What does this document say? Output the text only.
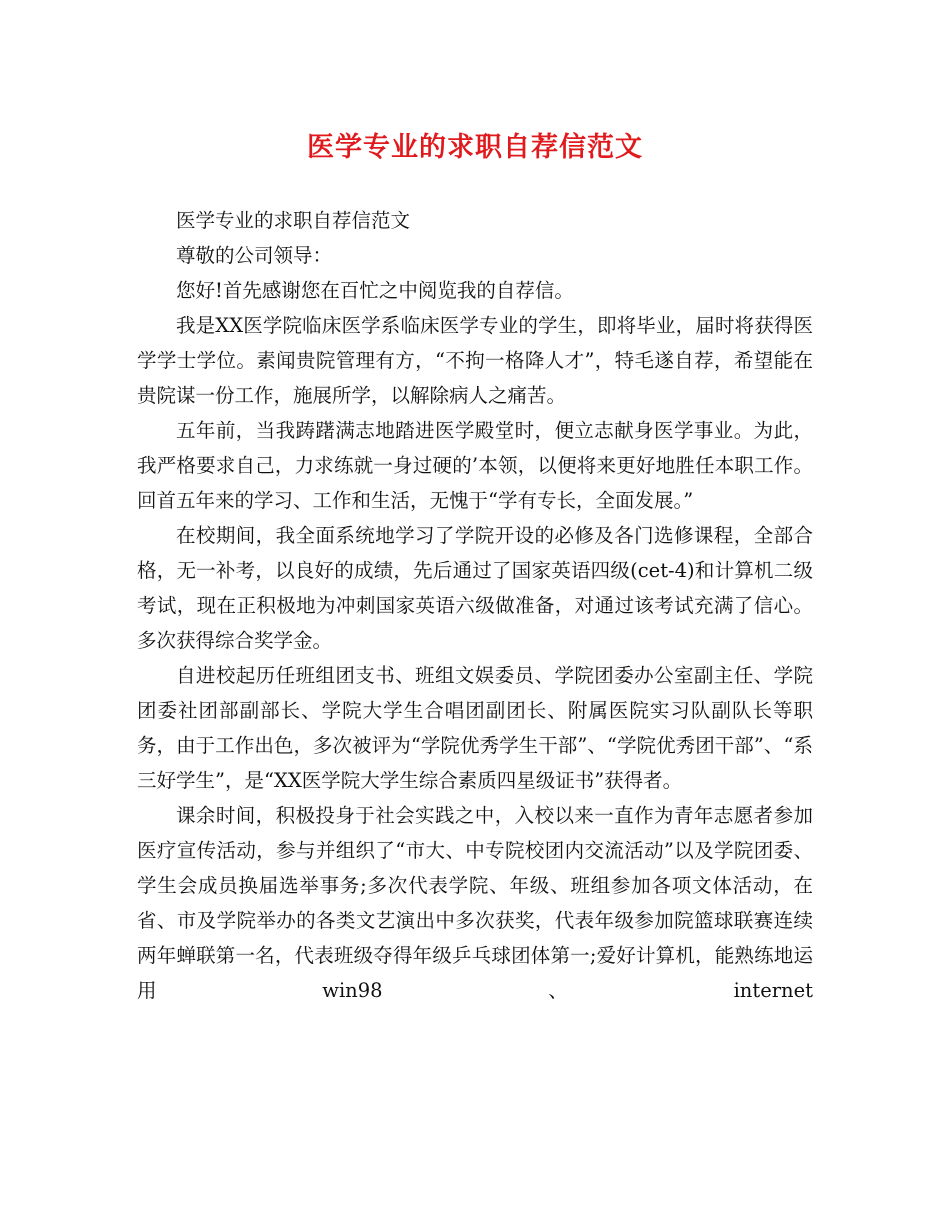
医学专业的求职自荐信范文

医学专业的求职自荐信范文

尊敬的公司领导：

您好!首先感谢您在百忙之中阅览我的自荐信。

我是XX医学院临床医学系临床医学专业的学生，即将毕业，届时将获得医学学士学位。素闻贵院管理有方，“不拘一格降人才”，特毛遂自荐，希望能在贵院谋一份工作，施展所学，以解除病人之痛苦。

五年前，当我踌躇满志地踏进医学殿堂时，便立志献身医学事业。为此，我严格要求自己，力求练就一身过硬的’本领，以便将来更好地胜任本职工作。回首五年来的学习、工作和生活，无愧于“学有专长，全面发展。”

在校期间，我全面系统地学习了学院开设的必修及各门选修课程，全部合格，无一补考，以良好的成绩，先后通过了国家英语四级(cet-4)和计算机二级考试，现在正积极地为冲刺国家英语六级做准备，对通过该考试充满了信心。多次获得综合奖学金。

自进校起历任班组团支书、班组文娱委员、学院团委办公室副主任、学院团委社团部副部长、学院大学生合唱团副团长、附属医院实习队副队长等职务，由于工作出色，多次被评为“学院优秀学生干部”、“学院优秀团干部”、“系三好学生”，是“XX医学院大学生综合素质四星级证书”获得者。

课余时间，积极投身于社会实践之中，入校以来一直作为青年志愿者参加医疗宣传活动，参与并组织了“市大、中专院校团内交流活动”以及学院团委、学生会成员换届选举事务;多次代表学院、年级、班组参加各项文体活动，在省、市及学院举办的各类文艺演出中多次获奖，代表年级参加院篮球联赛连续两年蝉联第一名，代表班级夺得年级乒乓球团体第一;爱好计算机，能熟练地运用win98、internet
